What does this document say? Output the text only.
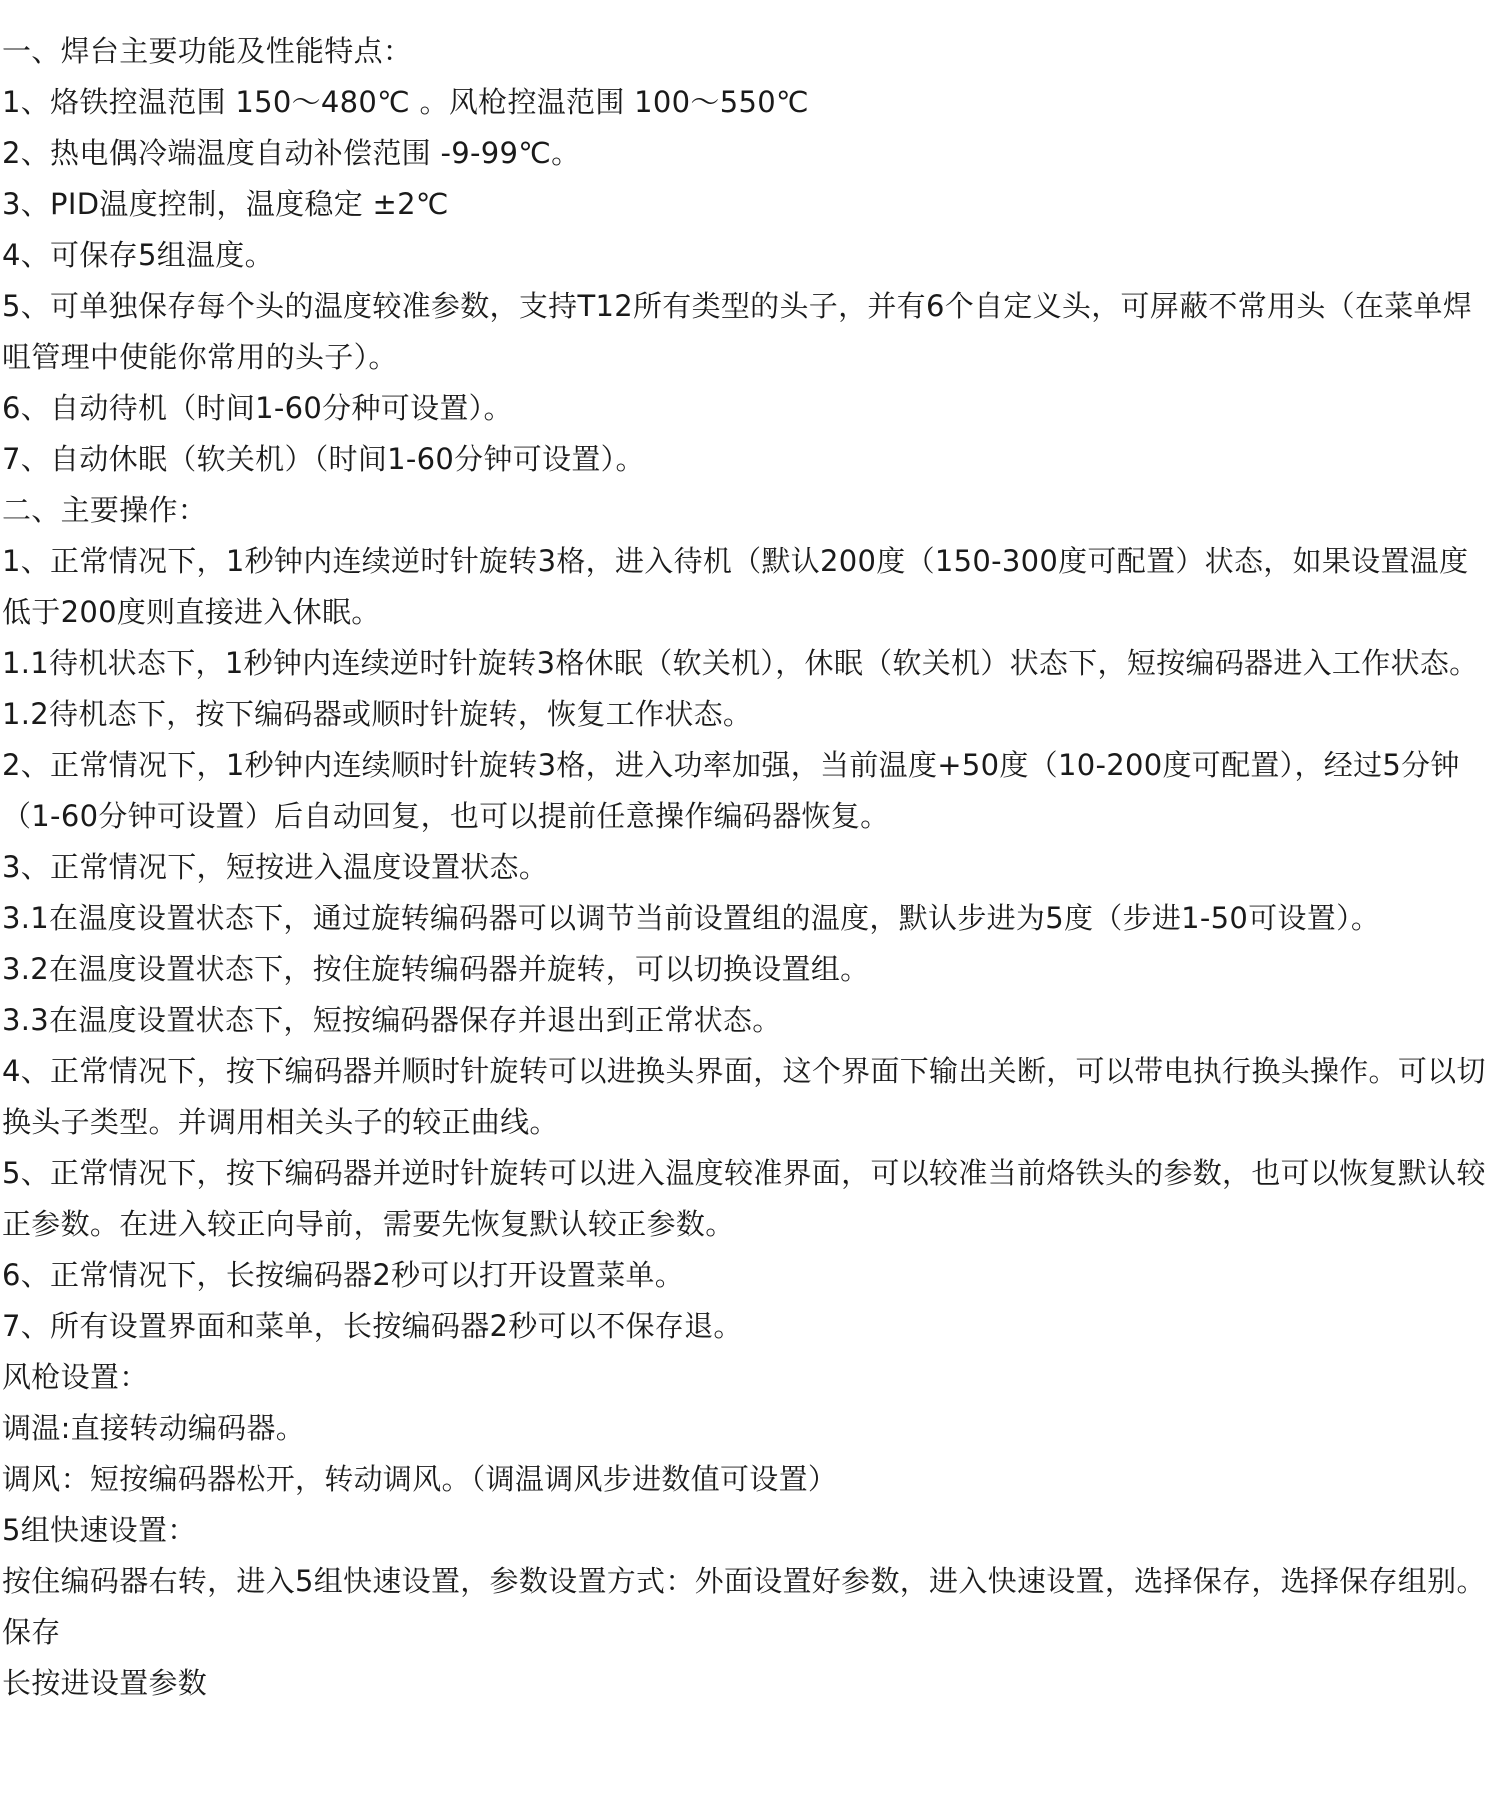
一、焊台主要功能及性能特点：

1、烙铁控温范围 150～480℃ 。风枪控温范围 100～550℃

2、热电偶冷端温度自动补偿范围 -9-99℃。

3、PID温度控制，温度稳定 ±2℃

4、可保存5组温度。

5、可单独保存每个头的温度较准参数，支持T12所有类型的头子，并有6个自定义头，可屏蔽不常用头（在菜单焊咀管理中使能你常用的头子）。

6、自动待机（时间1-60分种可设置）。

7、自动休眠（软关机）（时间1-60分钟可设置）。

二、主要操作：

1、正常情况下，1秒钟内连续逆时针旋转3格，进入待机（默认200度（150-300度可配置）状态，如果设置温度低于200度则直接进入休眠。

1.1待机状态下，1秒钟内连续逆时针旋转3格休眠（软关机），休眠（软关机）状态下，短按编码器进入工作状态。

1.2待机态下，按下编码器或顺时针旋转，恢复工作状态。

2、正常情况下，1秒钟内连续顺时针旋转3格，进入功率加强，当前温度+50度（10-200度可配置），经过5分钟（1-60分钟可设置）后自动回复，也可以提前任意操作编码器恢复。

3、正常情况下，短按进入温度设置状态。

3.1在温度设置状态下，通过旋转编码器可以调节当前设置组的温度，默认步进为5度（步进1-50可设置）。

3.2在温度设置状态下，按住旋转编码器并旋转，可以切换设置组。

3.3在温度设置状态下，短按编码器保存并退出到正常状态。

4、正常情况下，按下编码器并顺时针旋转可以进换头界面，这个界面下输出关断，可以带电执行换头操作。可以切换头子类型。并调用相关头子的较正曲线。

5、正常情况下，按下编码器并逆时针旋转可以进入温度较准界面，可以较准当前烙铁头的参数，也可以恢复默认较正参数。在进入较正向导前，需要先恢复默认较正参数。

6、正常情况下，长按编码器2秒可以打开设置菜单。

7、所有设置界面和菜单，长按编码器2秒可以不保存退。

风枪设置：

调温:直接转动编码器。

调风：短按编码器松开，转动调风。（调温调风步进数值可设置）

5组快速设置：

按住编码器右转，进入5组快速设置，参数设置方式：外面设置好参数，进入快速设置，选择保存，选择保存组别。保存

长按进设置参数
